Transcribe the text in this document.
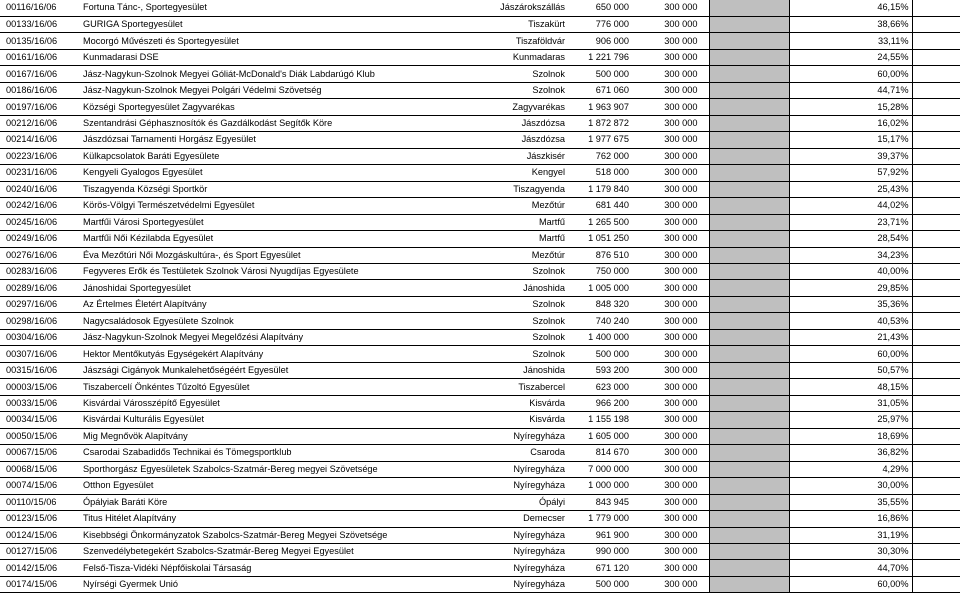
00116/16/06	Fortuna Tánc-, Sportegyesület	Jászárokszállás	650 000	300 000		46,15%	
00133/16/06	GURIGA Sportegyesület	Tiszakürt	776 000	300 000		38,66%	
00135/16/06	Mocorgó Művészeti és Sportegyesület	Tiszaföldvár	906 000	300 000		33,11%	
00161/16/06	Kunmadarasi DSE	Kunmadaras	1 221 796	300 000		24,55%	
00167/16/06	Jász-Nagykun-Szolnok Megyei Góliát-McDonald's Diák Labdarúgó Klub	Szolnok	500 000	300 000		60,00%	
00186/16/06	Jász-Nagykun-Szolnok Megyei Polgári Védelmi Szövetség	Szolnok	671 060	300 000		44,71%	
00197/16/06	Községi Sportegyesület Zagyvarékas	Zagyvarékas	1 963 907	300 000		15,28%	
00212/16/06	Szentandrási Géphasznosítók és Gazdálkodást Segítők Köre	Jászdózsa	1 872 872	300 000		16,02%	
00214/16/06	Jászdózsai Tarnamenti Horgász Egyesület	Jászdózsa	1 977 675	300 000		15,17%	
00223/16/06	Külkapcsolatok Baráti Egyesülete	Jászkisér	762 000	300 000		39,37%	
00231/16/06	Kengyeli Gyalogos Egyesület	Kengyel	518 000	300 000		57,92%	
00240/16/06	Tiszagyenda Községi Sportkör	Tiszagyenda	1 179 840	300 000		25,43%	
00242/16/06	Körös-Völgyi Természetvédelmi Egyesület	Mezőtúr	681 440	300 000		44,02%	
00245/16/06	Martfűi Városi Sportegyesület	Martfű	1 265 500	300 000		23,71%	
00249/16/06	Martfűi Női Kézilabda Egyesület	Martfű	1 051 250	300 000		28,54%	
00276/16/06	Éva Mezőtúri Női Mozgáskultúra-, és Sport Egyesület	Mezőtúr	876 510	300 000		34,23%	
00283/16/06	Fegyveres Erők és Testületek Szolnok Városi Nyugdíjas Egyesülete	Szolnok	750 000	300 000		40,00%	
00289/16/06	Jánoshidai Sportegyesület	Jánoshida	1 005 000	300 000		29,85%	
00297/16/06	Az Értelmes Életért Alapítvány	Szolnok	848 320	300 000		35,36%	
00298/16/06	Nagycsaládosok Egyesülete Szolnok	Szolnok	740 240	300 000		40,53%	
00304/16/06	Jász-Nagykun-Szolnok Megyei Megelőzési Alapítvány	Szolnok	1 400 000	300 000		21,43%	
00307/16/06	Hektor Mentőkutyás Egységekért Alapítvány	Szolnok	500 000	300 000		60,00%	
00315/16/06	Jászsági Cigányok Munkalehetőségéért Egyesület	Jánoshida	593 200	300 000		50,57%	
00003/15/06	Tiszabercelí Önkéntes Tűzoltó Egyesület	Tiszabercel	623 000	300 000		48,15%	
00033/15/06	Kisvárdai Városszépítő Egyesület	Kisvárda	966 200	300 000		31,05%	
00034/15/06	Kisvárdai Kulturális Egyesület	Kisvárda	1 155 198	300 000		25,97%	
00050/15/06	Mig Megnővök Alapítvány	Nyíregyháza	1 605 000	300 000		18,69%	
00067/15/06	Csarodai Szabadidős Technikai és Tömegsportklub	Csaroda	814 670	300 000		36,82%	
00068/15/06	Sporthorgász Egyesületek Szabolcs-Szatmár-Bereg megyei Szövetsége	Nyíregyháza	7 000 000	300 000		4,29%	
00074/15/06	Otthon Egyesület	Nyíregyháza	1 000 000	300 000		30,00%	
00110/15/06	Ópályiak Baráti Köre	Ópályi	843 945	300 000		35,55%	
00123/15/06	Titus Hitélet Alapítvány	Demecser	1 779 000	300 000		16,86%	
00124/15/06	Kisebbségi Önkormányzatok Szabolcs-Szatmár-Bereg Megyei Szövetsége	Nyíregyháza	961 900	300 000		31,19%	
00127/15/06	Szenvedélybetegekért Szabolcs-Szatmár-Bereg Megyei Egyesület	Nyíregyháza	990 000	300 000		30,30%	
00142/15/06	Felső-Tisza-Vidéki Népfőiskolai Társaság	Nyíregyháza	671 120	300 000		44,70%	
00174/15/06	Nyírségi Gyermek Unió	Nyíregyháza	500 000	300 000		60,00%	
